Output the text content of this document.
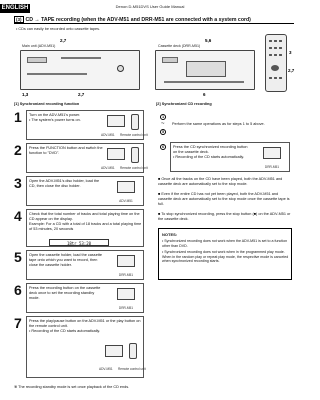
ENGLISH	Denon D-M51DVS User Guide Manual
(3) CD → TAPE recording (when the ADV-M51 and DRR-M51 are connected with a system cord)
• CDs can easily be recorded onto cassette tapes.
Main unit (ADV-M51)	Cassette deck (DRR-M51)
2,7	5,6
3
2,7
1,3	2,7	6
[1] Synchronized recording function	[2] Synchronized CD recording
1 Turn on the ADV-M51's power.
• The system's power turns on.
ADV-M51      Remote control unit
2 Press the FUNCTION button and switch the function to "DVD".
ADV-M51      Remote control unit
3 Open the ADV-M51's disc holder, load the CD, then close the disc holder.
ADV-M51
4 Check that the total number of tracks and total playing time on the CD appear on the display.
Example: For a CD with a total of 18 tracks and a total playing time of 53 minutes, 20 seconds
18tr 53:20
5 Open the cassette holder, load the cassette tape onto which you want to record, then close the cassette holder.
DRR-M51
6 Press the recording button on the cassette deck once to set the recording standby mode.
DRR-M51
7 Press the play/pause button on the ADV-M51 or the play button on the remote control unit.
• Recording of the CD starts automatically.
ADV-M51      Remote control unit
※ The recording standby mode is set once playback of the CD ends.
1
~
5
Perform the same operations as for steps 1 to 5 above.
6	Press the CD synchronized recording button on the cassette deck.
• Recording of the CD starts automatically.
DRR-M51
■ Once all the tracks on the CD have been played, both the ADV-M51 and cassette deck are automatically set to the stop mode.
■ Even if the entire CD has not yet been played, both the ADV-M51 and cassette deck are automatically set to the stop mode once the cassette tape is full.
■ To stop synchronized recording, press the stop button (■) on the ADV-M51 or the cassette deck.
NOTES:
• Synchronized recording does not work when the ADV-M51 is set to a function other than DVD.
• Synchronized recording does not work when in the programmed play mode. When in the random play or repeat play mode, the respective mode is canceled when synchronized recording starts.
